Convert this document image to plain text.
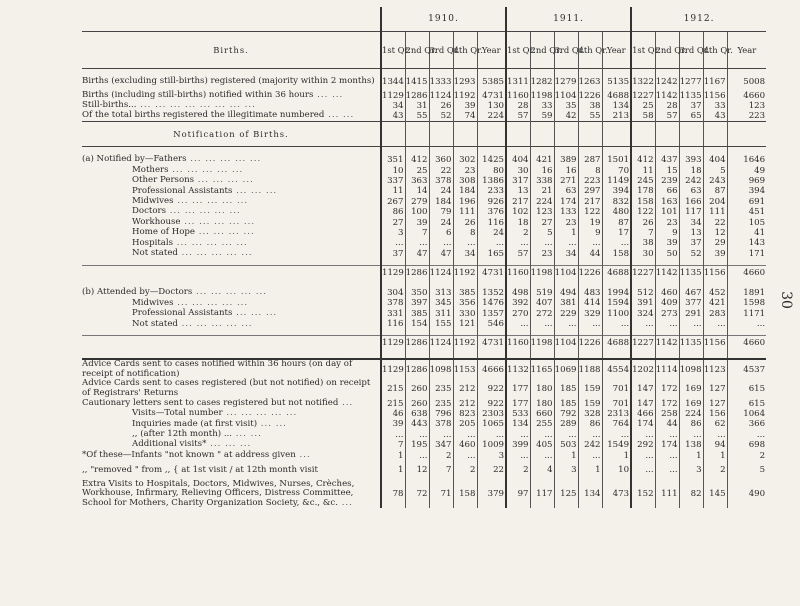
	1910.					1911.					1912.				
Births.	1st Qr.	2nd Qr.	3rd Qr.	4th Qr.	Year	1st Qr.	2nd Qr.	3rd Qr.	4th Qr.	Year	1st Qr.	2nd Qr.	3rd Qr.	4th Qr.	Year

Births (excluding still-births) registered (majority within 2 months)	1344	1415	1333	1293	5385	1311	1282	1279	1263	5135	1322	1242	1277	1167	5008
Births (including still-births) notified within 36 hours ... ...	1129	1286	1124	1192	4731	1160	1198	1104	1226	4688	1227	1142	1135	1156	4660
Still-births... ... ... ... ... ... ... ... ...	34	31	26	39	130	28	33	35	38	134	25	28	37	33	123
Of the total births registered the illegitimate numbered ... ...	43	55	52	74	224	57	59	42	55	213	58	57	65	43	223
Notification of Births.															

(a) Notified by—Fathers ... ... ... ... ...	351	412	360	302	1425	404	421	389	287	1501	412	437	393	404	1646
Mothers ... ... ... ... ...	10	25	22	23	80	30	16	16	8	70	11	15	18	5	49
Other Persons ... ... ... ...	337	363	378	308	1386	317	338	271	223	1149	245	239	242	243	969
Professional Assistants ... ... ...	11	14	24	184	233	13	21	63	297	394	178	66	63	87	394
Midwives ... ... ... ... ...	267	279	184	196	926	217	224	174	217	832	158	163	166	204	691
Doctors ... ... ... ... ...	86	100	79	111	376	102	123	133	122	480	122	101	117	111	451
Workhouse ... ... ... ... ...	27	39	24	26	116	18	27	23	19	87	26	23	34	22	105
Home of Hope ... ... ... ...	3	7	6	8	24	2	5	1	9	17	7	9	13	12	41
Hospitals ... ... ... ... ...	...	...	...	...	...	...	...	...	...	...	38	39	37	29	143
Not stated ... ... ... ... ...	37	47	47	34	165	57	23	34	44	158	30	50	52	39	171

	1129	1286	1124	1192	4731	1160	1198	1104	1226	4688	1227	1142	1135	1156	4660

(b) Attended by—Doctors ... ... ... ... ...	304	350	313	385	1352	498	519	494	483	1994	512	460	467	452	1891
Midwives ... ... ... ... ...	378	397	345	356	1476	392	407	381	414	1594	391	409	377	421	1598
Professional Assistants ... ... ...	331	385	311	330	1357	270	272	229	329	1100	324	273	291	283	1171
Not stated ... ... ... ... ...	116	154	155	121	546	...	...	...	...	...	...	...	...	...	...

	1129	1286	1124	1192	4731	1160	1198	1104	1226	4688	1227	1142	1135	1156	4660

Advice Cards sent to cases notified within 36 hours (on day of receipt of notification)	1129	1286	1098	1153	4666	1132	1165	1069	1188	4554	1202	1114	1098	1123	4537
Advice Cards sent to cases registered (but not notified) on receipt of Registrars' Returns	215	260	235	212	922	177	180	185	159	701	147	172	169	127	615
Cautionary letters sent to cases registered but not notified ...	215	260	235	212	922	177	180	185	159	701	147	172	169	127	615
Visits—Total number ... ... ... ... ...	46	638	796	823	2303	533	660	792	328	2313	466	258	224	156	1064
Inquiries made (at first visit) ... ...	39	443	378	205	1065	134	255	289	86	764	174	44	86	62	366
,, (after 12th month) ... ... ...	...	...	...	...	...	...	...	...	...	...	...	...	...	...	...
Additional visits* ... ... ...	7	195	347	460	1009	399	405	503	242	1549	292	174	138	94	698
*Of these—Infants "not known " at address given ...	1	...	2	...	3	...	...	1	...	1	...	...	1	1	2
,, "removed " from ,, { at 1st visit / at 12th month visit	1	12	7	2	22	2	4	3	1	10	...	...	3	2	5
Extra Visits to Hospitals, Doctors, Midwives, Nurses, Crèches, Workhouse, Infirmary, Relieving Officers, Distress Committee, School for Mothers, Charity Organization Society, &c., &c. ...	78	72	71	158	379	97	117	125	134	473	152	111	82	145	490
30
